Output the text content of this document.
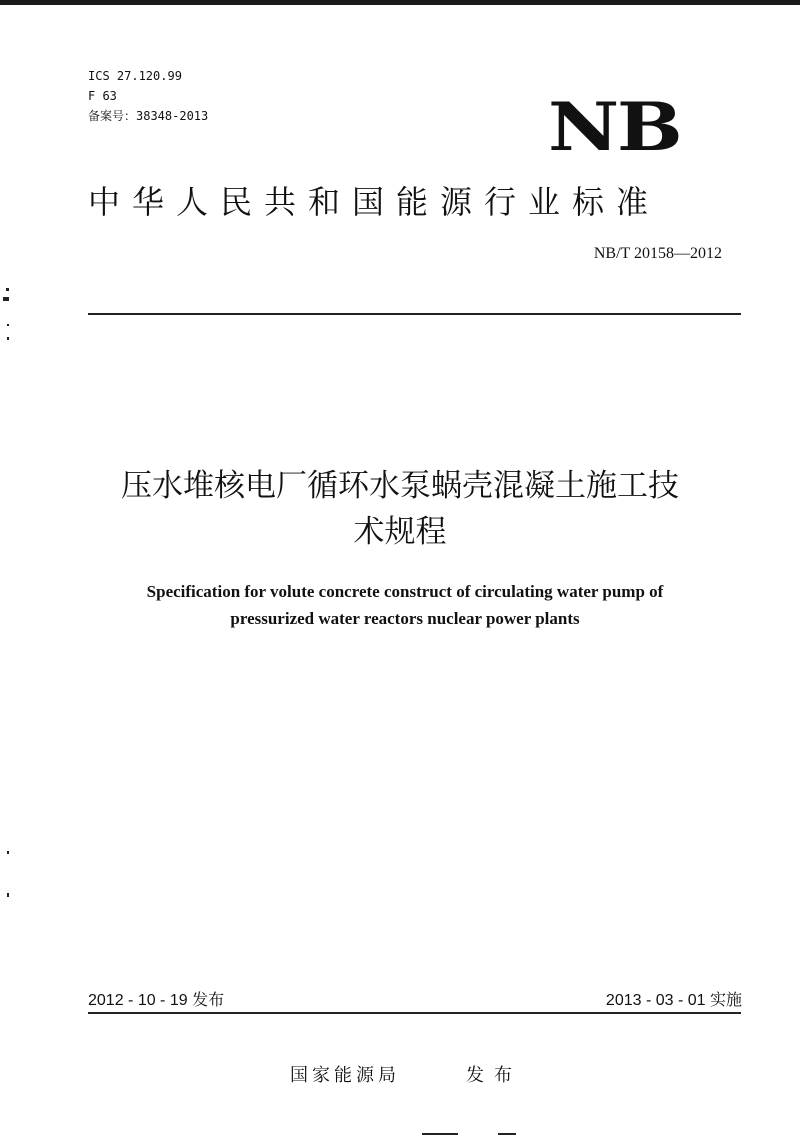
ICS 27.120.99
F 63
备案号：38348-2013	NB
中华人民共和国能源行业标准
NB/T 20158—2012
压水堆核电厂循环水泵蜗壳混凝土施工技
术规程
Specification for volute concrete construct of circulating water pump of
pressurized water reactors nuclear power plants
2012 - 10 - 19 发布	2013 - 03 - 01 实施
国家能源局	发布
